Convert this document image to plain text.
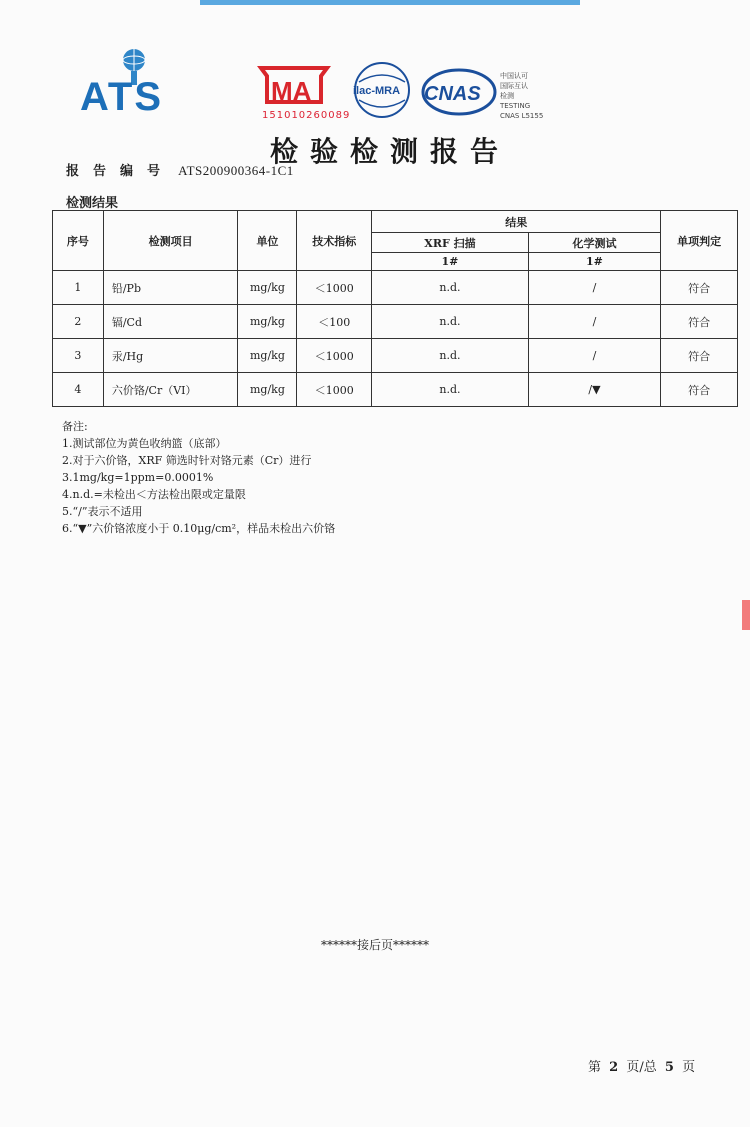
ATS	MA	ilac-MRA CNAS
151010260089
中国认可
国际互认
检测
TESTING
CNAS L5155
检验检测报告
报告编号 ATS200900364-1C1
检测结果
序号	检测项目	单位	技术指标	结果		单项判定
				XRF 扫描	化学测试	
				1#	1#	
1	铅/Pb	mg/kg	＜1000	n.d.	/	符合
2	镉/Cd	mg/kg	＜100	n.d.	/	符合
3	汞/Hg	mg/kg	＜1000	n.d.	/	符合
4	六价铬/Cr（VI）	mg/kg	＜1000	n.d.	/▼	符合
备注:
1.测试部位为黄色收纳篮（底部）
2.对于六价铬，XRF 筛选时针对铬元素（Cr）进行
3.1mg/kg=1ppm=0.0001%
4.n.d.=未检出＜方法检出限或定量限
5.“/”表示不适用
6.“▼”六价铬浓度小于 0.10μg/cm²，样品未检出六价铬
******接后页******
第 2 页/总 5 页
